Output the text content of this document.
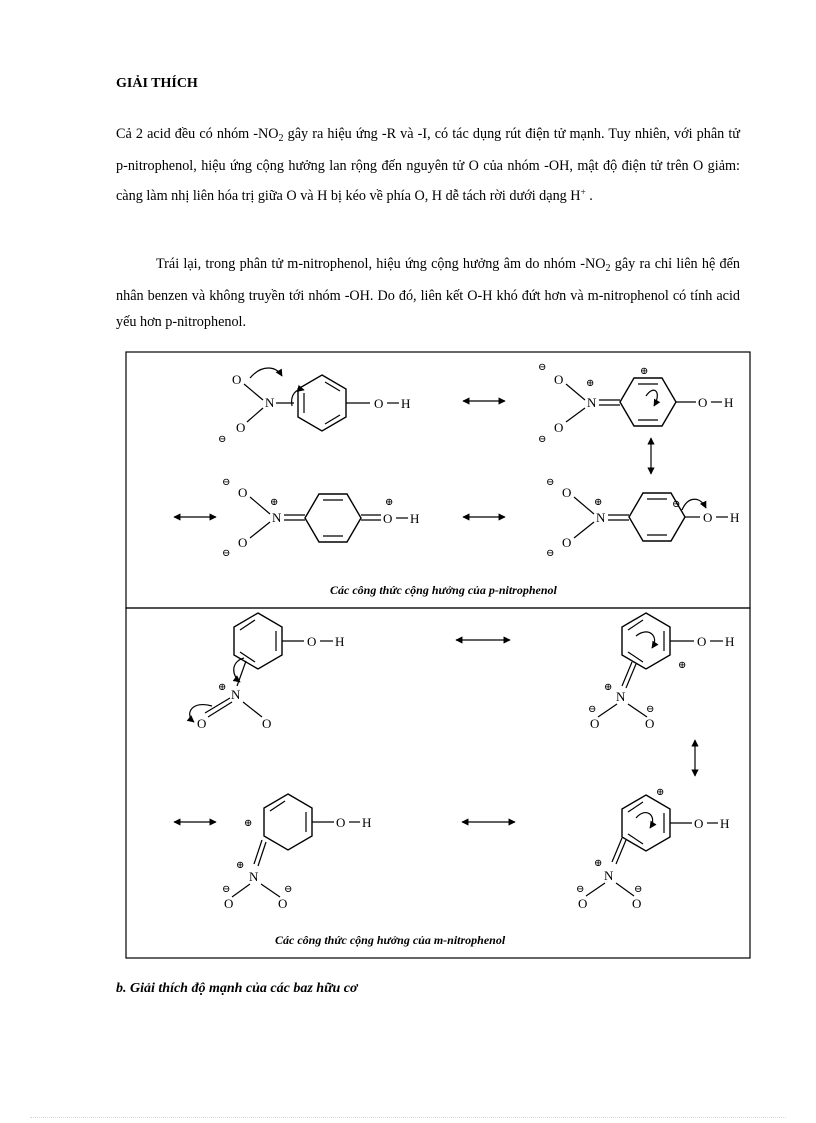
GIẢI THÍCH
Cả 2 acid đều có nhóm $-NO_2$ gây ra hiệu ứng -R và -I, có tác dụng rút điện tử mạnh. Tuy nhiên, với phân tử p-nitrophenol, hiệu ứng cộng hưởng lan rộng đến nguyên tử O của nhóm -OH, mật độ điện tử trên O giảm: càng làm nhị liên hóa trị giữa O và H bị kéo về phía O, H dễ tách rời dưới dạng H+ .
Trái lại, trong phân tử m-nitrophenol, hiệu ứng cộng hưởng âm do nhóm $-NO_2$ gây ra chỉ liên hệ đến nhân benzen và không truyền tới nhóm -OH. Do đó, liên kết O-H khó đứt hơn và m-nitrophenol có tính acid yếu hơn p-nitrophenol.
O
N
O
⊖
O H
⊖
O ⊕
N
O
⊖
⊕
O H
⊖
O
⊕
N
O
⊖
O
⊕
H
⊖
O
⊕
N
O
⊖
⊖
O H
Các công thức cộng hưởng của p-nitrophenol
O H
⊕ N
O	O
⊕
O H
⊕
N
⊖	⊖
O	O
⊕	O H
⊕
N
⊖	⊖
O	O
⊕
O H
⊕
N
⊖	⊖
O	O
Các công thức cộng hưởng của m-nitrophenol
b. Giải thích độ mạnh của các baz hữu cơ
